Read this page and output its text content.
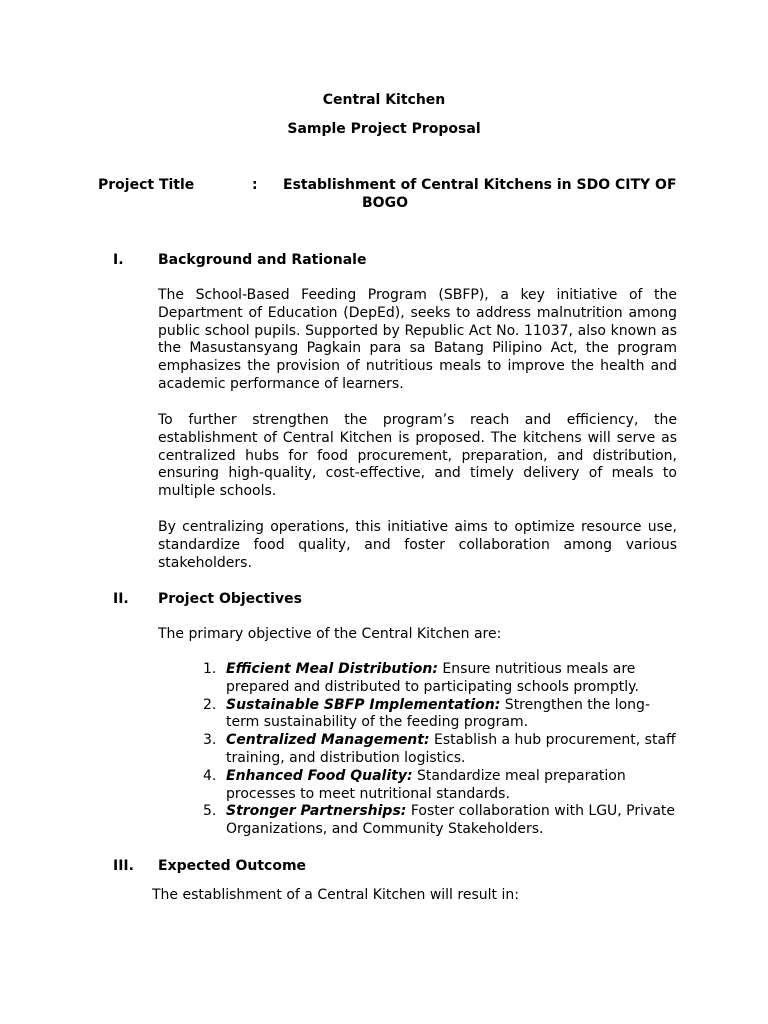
Central Kitchen
Sample Project Proposal
Project Title	: Establishment of Central Kitchens in SDO CITY OF
BOGO
I. Background and Rationale
The School-Based Feeding Program (SBFP), a key initiative of the Department of Education (DepEd), seeks to address malnutrition among public school pupils. Supported by Republic Act No. 11037, also known as the Masustansyang Pagkain para sa Batang Pilipino Act, the program emphasizes the provision of nutritious meals to improve the health and academic performance of learners.
To further strengthen the program’s reach and efficiency, the establishment of Central Kitchen is proposed. The kitchens will serve as centralized hubs for food procurement, preparation, and distribution, ensuring high-quality, cost-effective, and timely delivery of meals to multiple schools.
By centralizing operations, this initiative aims to optimize resource use, standardize food quality, and foster collaboration among various stakeholders.
II. Project Objectives
The primary objective of the Central Kitchen are:
1. Efficient Meal Distribution: Ensure nutritious meals are prepared and distributed to participating schools promptly.
2. Sustainable SBFP Implementation: Strengthen the long-term sustainability of the feeding program.
3. Centralized Management: Establish a hub procurement, staff training, and distribution logistics.
4. Enhanced Food Quality: Standardize meal preparation processes to meet nutritional standards.
5. Stronger Partnerships: Foster collaboration with LGU, Private Organizations, and Community Stakeholders.
III. Expected Outcome
The establishment of a Central Kitchen will result in:
